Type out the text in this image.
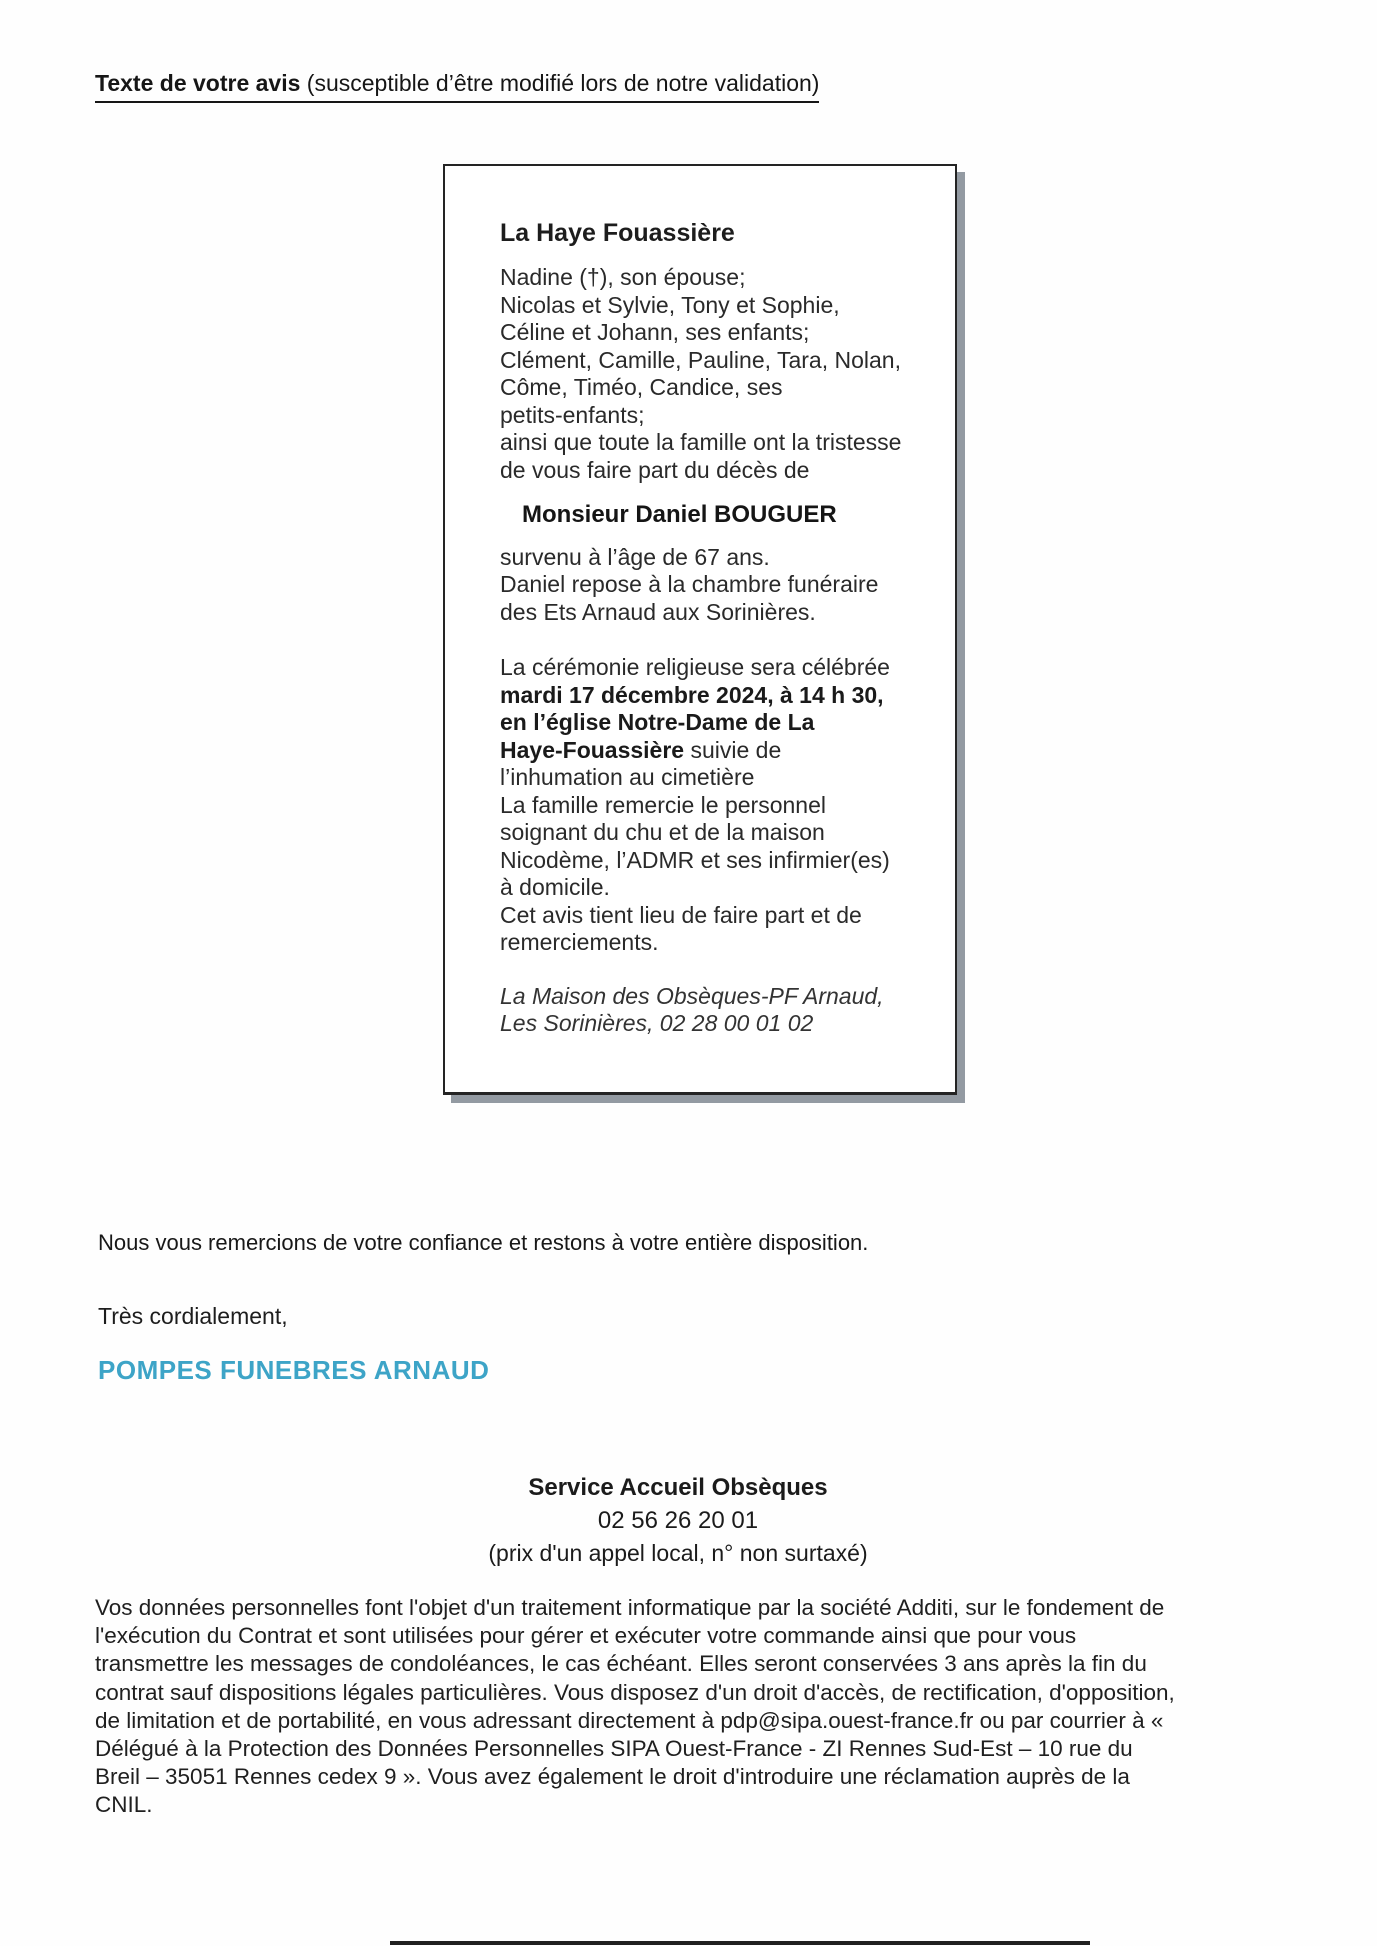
Texte de votre avis (susceptible d’être modifié lors de notre validation)
La Haye Fouassière
Nadine (†), son épouse;
Nicolas et Sylvie, Tony et Sophie,
Céline et Johann, ses enfants;
Clément, Camille, Pauline, Tara, Nolan,
Côme, Timéo, Candice, ses
petits-enfants;
ainsi que toute la famille ont la tristesse
de vous faire part du décès de
Monsieur Daniel BOUGUER
survenu à l’âge de 67 ans.
Daniel repose à la chambre funéraire
des Ets Arnaud aux Sorinières.
La cérémonie religieuse sera célébrée
mardi 17 décembre 2024, à 14 h 30,
en l’église Notre-Dame de La
Haye-Fouassière suivie de
l’inhumation au cimetière
La famille remercie le personnel
soignant du chu et de la maison
Nicodème, l’ADMR et ses infirmier(es)
à domicile.
Cet avis tient lieu de faire part et de
remerciements.
La Maison des Obsèques-PF Arnaud,
Les Sorinières, 02 28 00 01 02
Nous vous remercions de votre confiance et restons à votre entière disposition.
Très cordialement,
POMPES FUNEBRES ARNAUD
Service Accueil Obsèques
02 56 26 20 01
(prix d'un appel local, n° non surtaxé)
Vos données personnelles font l'objet d'un traitement informatique par la société Additi, sur le fondement de
l'exécution du Contrat et sont utilisées pour gérer et exécuter votre commande ainsi que pour vous
transmettre les messages de condoléances, le cas échéant. Elles seront conservées 3 ans après la fin du
contrat sauf dispositions légales particulières. Vous disposez d'un droit d'accès, de rectification, d'opposition,
de limitation et de portabilité, en vous adressant directement à pdp@sipa.ouest-france.fr ou par courrier à «
Délégué à la Protection des Données Personnelles SIPA Ouest-France - ZI Rennes Sud-Est – 10 rue du
Breil – 35051 Rennes cedex 9 ». Vous avez également le droit d'introduire une réclamation auprès de la
CNIL.
